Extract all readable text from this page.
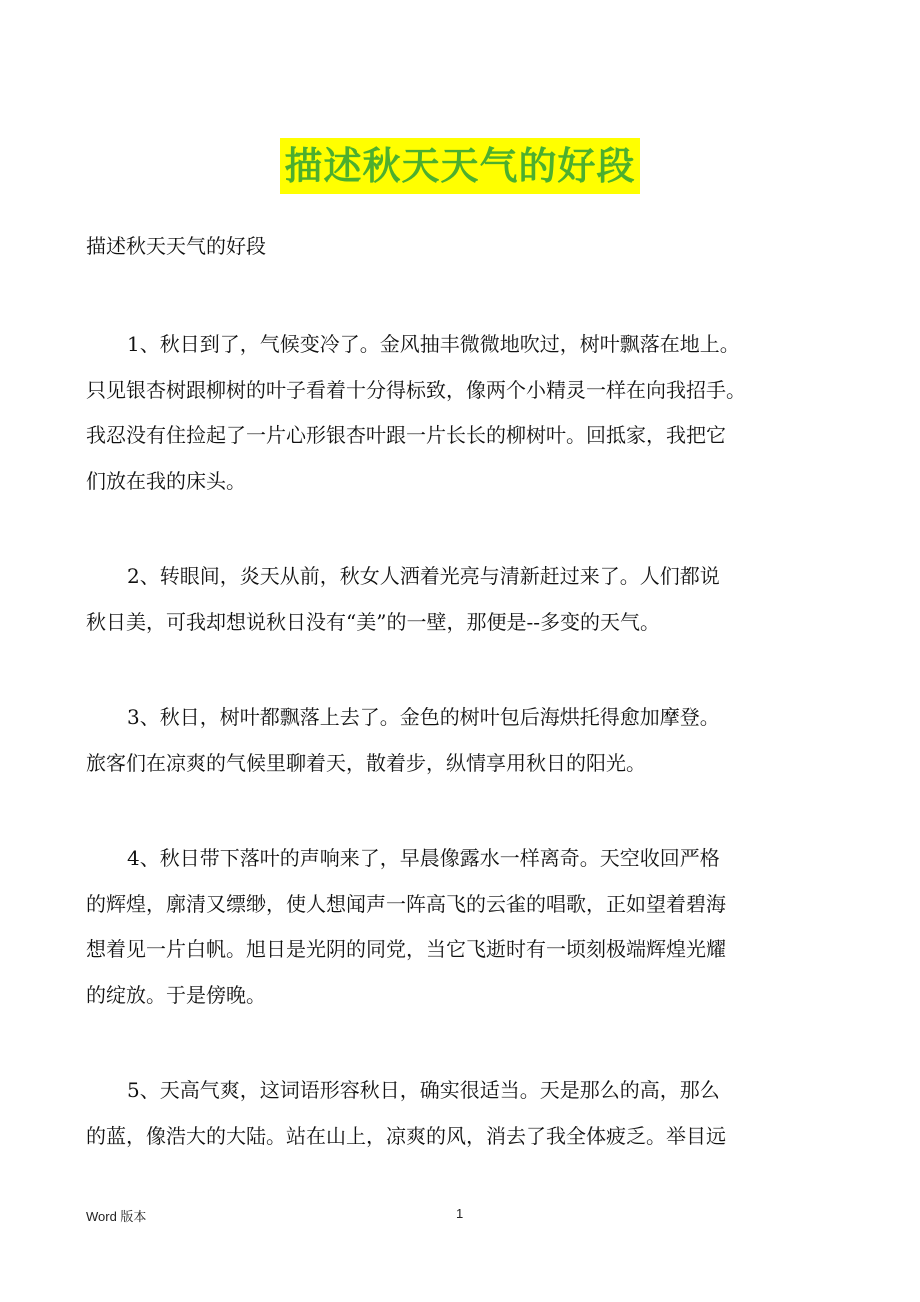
描述秋天天气的好段
描述秋天天气的好段
1、秋日到了，气候变冷了。金风抽丰微微地吹过，树叶飘落在地上。
只见银杏树跟柳树的叶子看着十分得标致，像两个小精灵一样在向我招手。
我忍没有住捡起了一片心形银杏叶跟一片长长的柳树叶。回抵家，我把它
们放在我的床头。
2、转眼间，炎天从前，秋女人洒着光亮与清新赶过来了。人们都说
秋日美，可我却想说秋日没有“美”的一壁，那便是--多变的天气。
3、秋日，树叶都飘落上去了。金色的树叶包后海烘托得愈加摩登。
旅客们在凉爽的气候里聊着天，散着步，纵情享用秋日的阳光。
4、秋日带下落叶的声响来了，早晨像露水一样离奇。天空收回严格
的辉煌，廓清又缥缈，使人想闻声一阵高飞的云雀的唱歌，正如望着碧海
想着见一片白帆。旭日是光阴的同党，当它飞逝时有一顷刻极端辉煌光耀
的绽放。于是傍晚。
5、天高气爽，这词语形容秋日，确实很适当。天是那么的高，那么
的蓝，像浩大的大陆。站在山上，凉爽的风，消去了我全体疲乏。举目远
Word 版本	1
